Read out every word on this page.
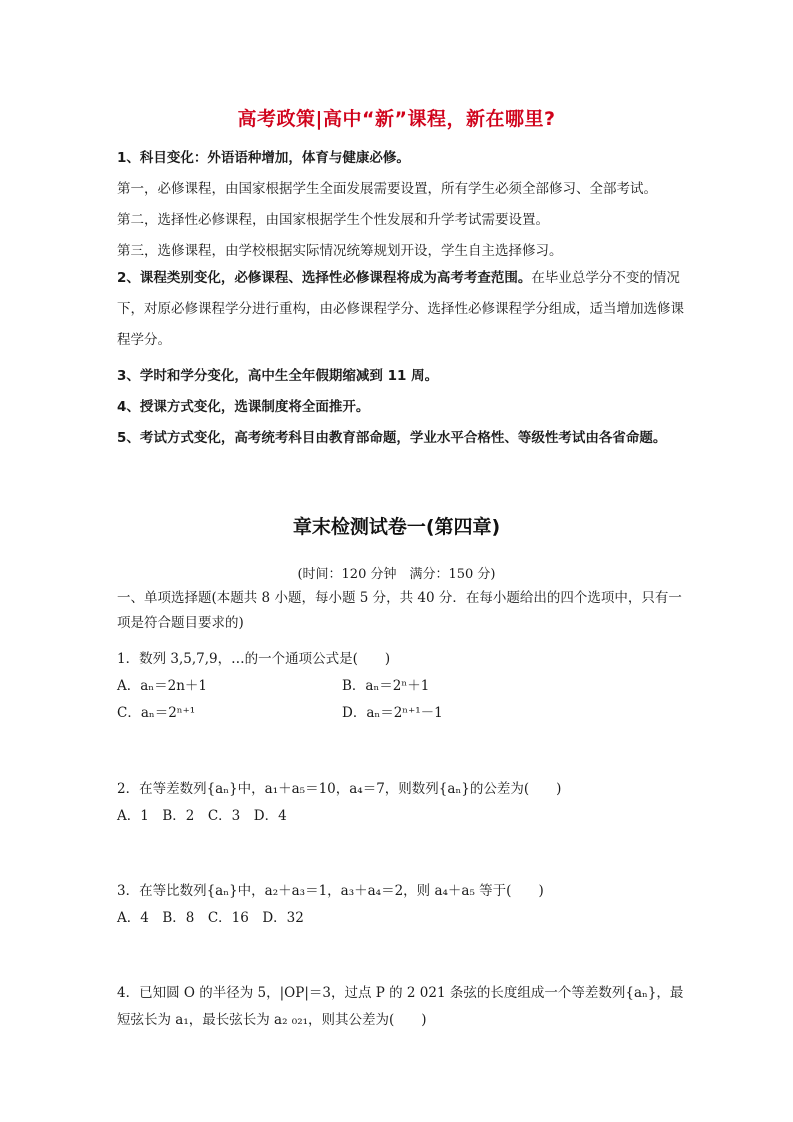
高考政策|高中“新”课程，新在哪里?
1、科目变化：外语语种增加，体育与健康必修。
第一，必修课程，由国家根据学生全面发展需要设置，所有学生必须全部修习、全部考试。
第二，选择性必修课程，由国家根据学生个性发展和升学考试需要设置。
第三，选修课程，由学校根据实际情况统筹规划开设，学生自主选择修习。
2、课程类别变化，必修课程、选择性必修课程将成为高考考查范围。在毕业总学分不变的情况下，对原必修课程学分进行重构，由必修课程学分、选择性必修课程学分组成，适当增加选修课程学分。
3、学时和学分变化，高中生全年假期缩减到 11 周。
4、授课方式变化，选课制度将全面推开。
5、考试方式变化，高考统考科目由教育部命题，学业水平合格性、等级性考试由各省命题。
章末检测试卷一(第四章)
(时间：120 分钟　满分：150 分)
一、单项选择题(本题共 8 小题，每小题 5 分，共 40 分．在每小题给出的四个选项中，只有一项是符合题目要求的)
1．数列 3,5,7,9，…的一个通项公式是(　　)
A．aₙ＝2n＋1	B．aₙ＝2ⁿ＋1
C．aₙ＝2ⁿ⁺¹	D．aₙ＝2ⁿ⁺¹－1
2．在等差数列{aₙ}中，a₁＋a₅＝10，a₄＝7，则数列{aₙ}的公差为(　　)
A．1　B．2　C．3　D．4
3．在等比数列{aₙ}中，a₂＋a₃＝1，a₃＋a₄＝2，则 a₄＋a₅ 等于(　　)
A．4　B．8　C．16　D．32
4．已知圆 O 的半径为 5，|OP|＝3，过点 P 的 2 021 条弦的长度组成一个等差数列{aₙ}，最短弦长为 a₁，最长弦长为 a₂ ₀₂₁，则其公差为(　　)
